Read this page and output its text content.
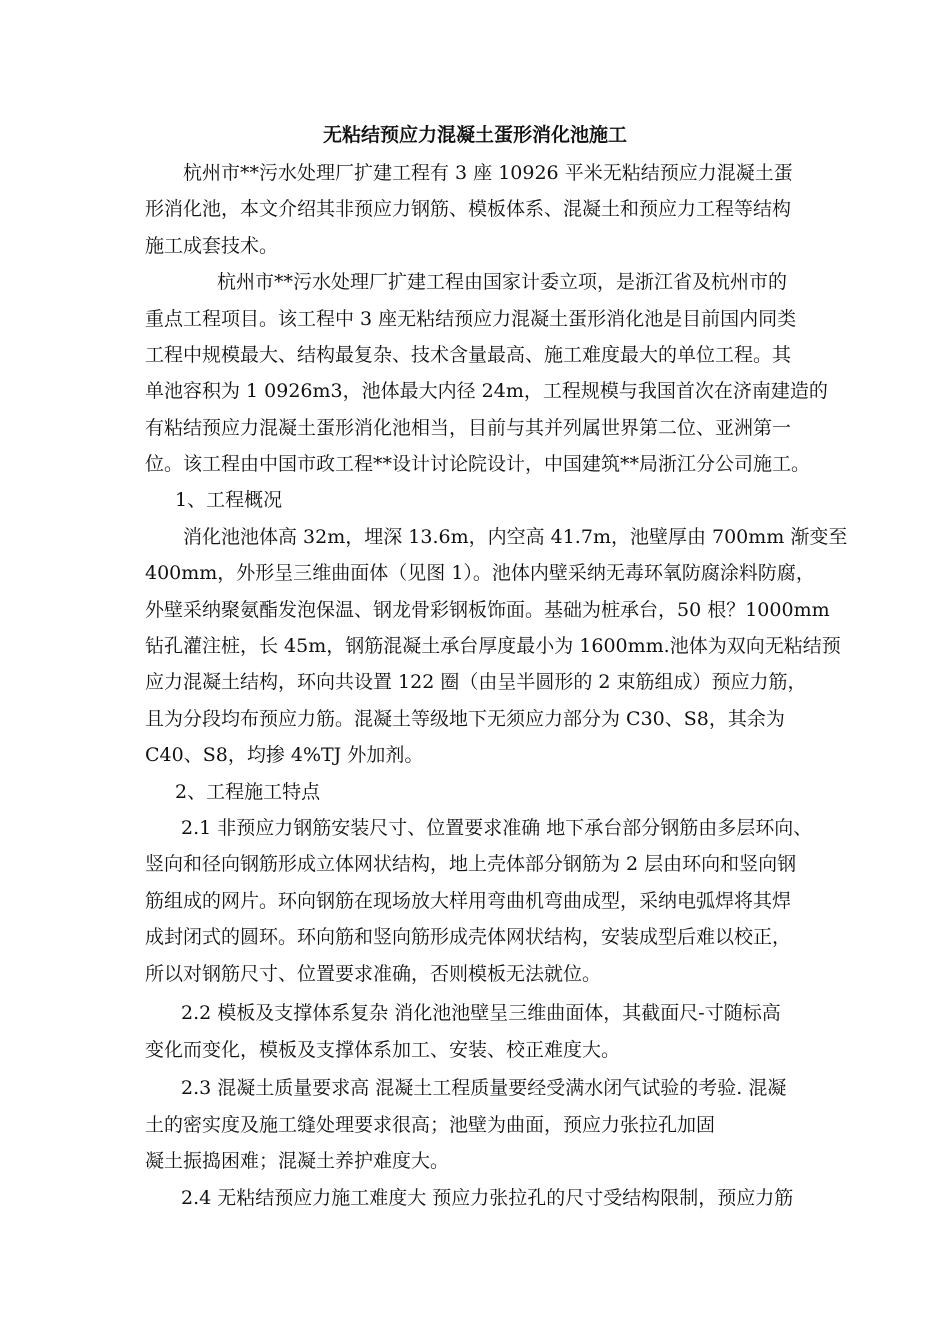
无粘结预应力混凝土蛋形消化池施工

杭州市**污水处理厂扩建工程有 3 座 10926 平米无粘结预应力混凝土蛋

形消化池，本文介绍其非预应力钢筋、模板体系、混凝土和预应力工程等结构

施工成套技术。

杭州市**污水处理厂扩建工程由国家计委立项，是浙江省及杭州市的

重点工程项目。该工程中 3 座无粘结预应力混凝土蛋形消化池是目前国内同类

工程中规模最大、结构最复杂、技术含量最高、施工难度最大的单位工程。其

单池容积为 1 0926m3，池体最大内径 24m，工程规模与我国首次在济南建造的

有粘结预应力混凝土蛋形消化池相当，目前与其并列属世界第二位、亚洲第一

位。该工程由中国市政工程**设计讨论院设计，中国建筑**局浙江分公司施工。

1、工程概况

消化池池体高 32m，埋深 13.6m，内空高 41.7m，池壁厚由 700mm 渐变至

400mm，外形呈三维曲面体（见图 1）。池体内壁采纳无毒环氧防腐涂料防腐，

外壁采纳聚氨酯发泡保温、钢龙骨彩钢板饰面。基础为桩承台，50 根？1000mm

钻孔灌注桩，长 45m，钢筋混凝土承台厚度最小为 1600mm.池体为双向无粘结预

应力混凝土结构，环向共设置 122 圈（由呈半圆形的 2 束筋组成）预应力筋，

且为分段均布预应力筋。混凝土等级地下无须应力部分为 C30、S8，其余为

C40、S8，均掺 4%TJ 外加剂。

2、工程施工特点

2.1 非预应力钢筋安装尺寸、位置要求准确 地下承台部分钢筋由多层环向、

竖向和径向钢筋形成立体网状结构，地上壳体部分钢筋为 2 层由环向和竖向钢

筋组成的网片。环向钢筋在现场放大样用弯曲机弯曲成型，采纳电弧焊将其焊

成封闭式的圆环。环向筋和竖向筋形成壳体网状结构，安装成型后难以校正，

所以对钢筋尺寸、位置要求准确，否则模板无法就位。

2.2 模板及支撑体系复杂 消化池池壁呈三维曲面体，其截面尺-寸随标高

变化而变化，模板及支撑体系加工、安装、校正难度大。

2.3 混凝土质量要求高 混凝土工程质量要经受满水闭气试验的考验. 混凝

土的密实度及施工缝处理要求很高；池壁为曲面，预应力张拉孔加固

凝土振捣困难；混凝土养护难度大。

2.4 无粘结预应力施工难度大 预应力张拉孔的尺寸受结构限制，预应力筋
